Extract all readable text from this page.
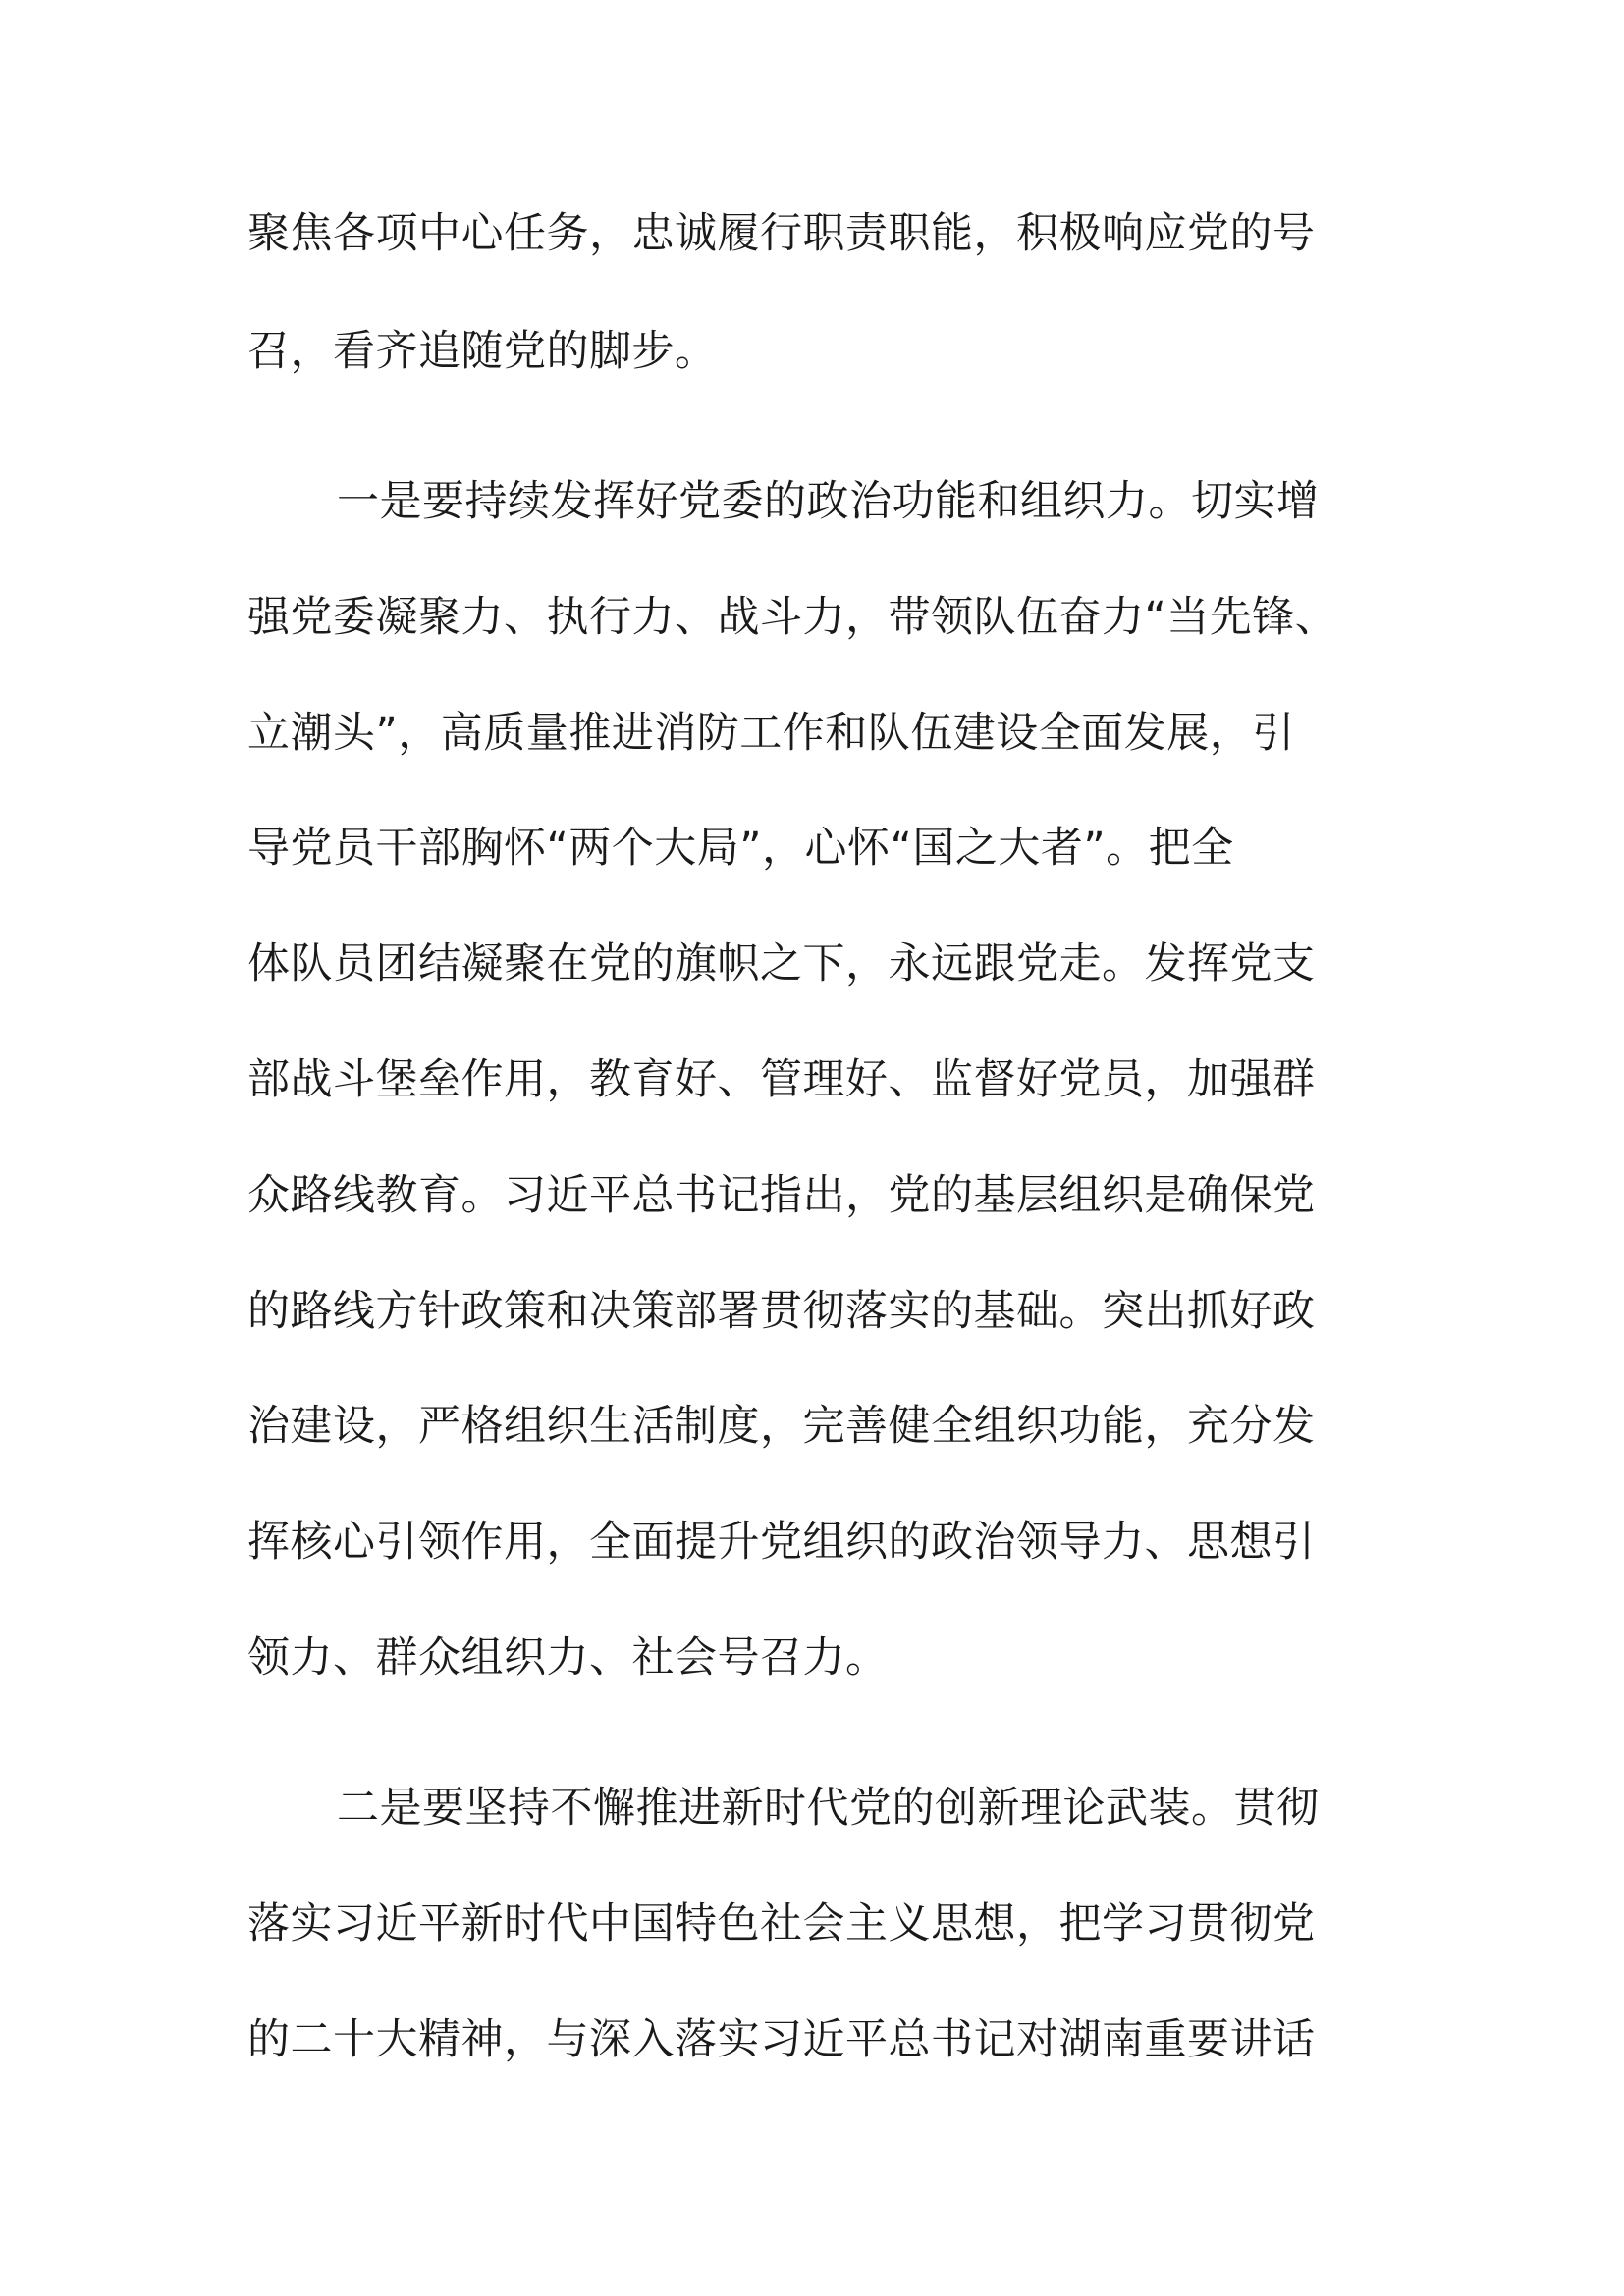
聚焦各项中心任务，忠诚履行职责职能，积极响应党的号
召，看齐追随党的脚步。
一是要持续发挥好党委的政治功能和组织力。切实增
强党委凝聚力、执行力、战斗力，带领队伍奋力“当先锋、
立潮头”，高质量推进消防工作和队伍建设全面发展，引
导党员干部胸怀“两个大局”，心怀“国之大者”。把全
体队员团结凝聚在党的旗帜之下，永远跟党走。发挥党支
部战斗堡垒作用，教育好、管理好、监督好党员，加强群
众路线教育。习近平总书记指出，党的基层组织是确保党
的路线方针政策和决策部署贯彻落实的基础。突出抓好政
治建设，严格组织生活制度，完善健全组织功能，充分发
挥核心引领作用，全面提升党组织的政治领导力、思想引
领力、群众组织力、社会号召力。
二是要坚持不懈推进新时代党的创新理论武装。贯彻
落实习近平新时代中国特色社会主义思想，把学习贯彻党
的二十大精神，与深入落实习近平总书记对湖南重要讲话
